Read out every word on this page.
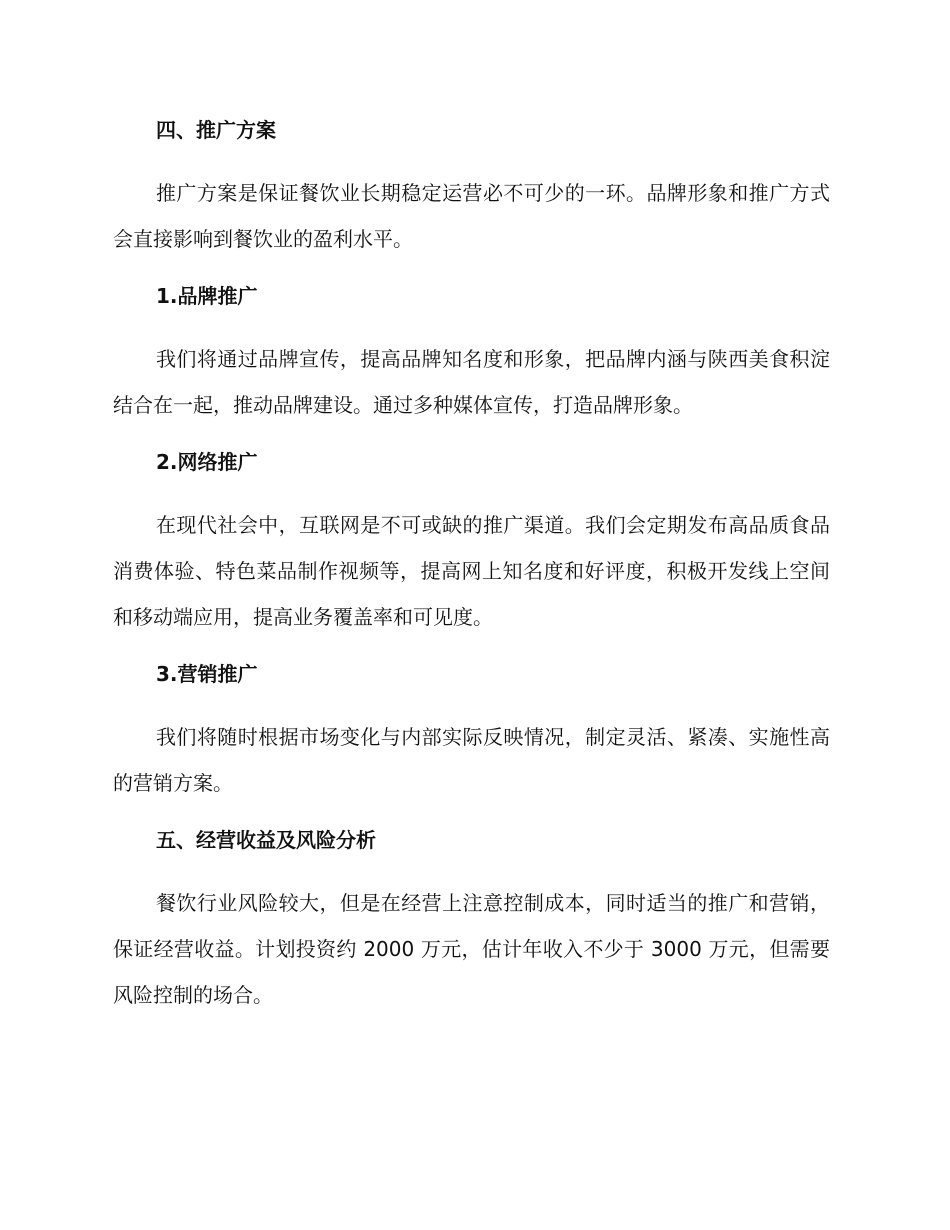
四、推广方案

推广方案是保证餐饮业长期稳定运营必不可少的一环。品牌形象和推广方式会直接影响到餐饮业的盈利水平。

1.品牌推广

我们将通过品牌宣传，提高品牌知名度和形象，把品牌内涵与陕西美食积淀结合在一起，推动品牌建设。通过多种媒体宣传，打造品牌形象。

2.网络推广

在现代社会中，互联网是不可或缺的推广渠道。我们会定期发布高品质食品消费体验、特色菜品制作视频等，提高网上知名度和好评度，积极开发线上空间和移动端应用，提高业务覆盖率和可见度。

3.营销推广

我们将随时根据市场变化与内部实际反映情况，制定灵活、紧凑、实施性高的营销方案。

五、经营收益及风险分析

餐饮行业风险较大，但是在经营上注意控制成本，同时适当的推广和营销，保证经营收益。计划投资约 2000 万元，估计年收入不少于 3000 万元，但需要风险控制的场合。
